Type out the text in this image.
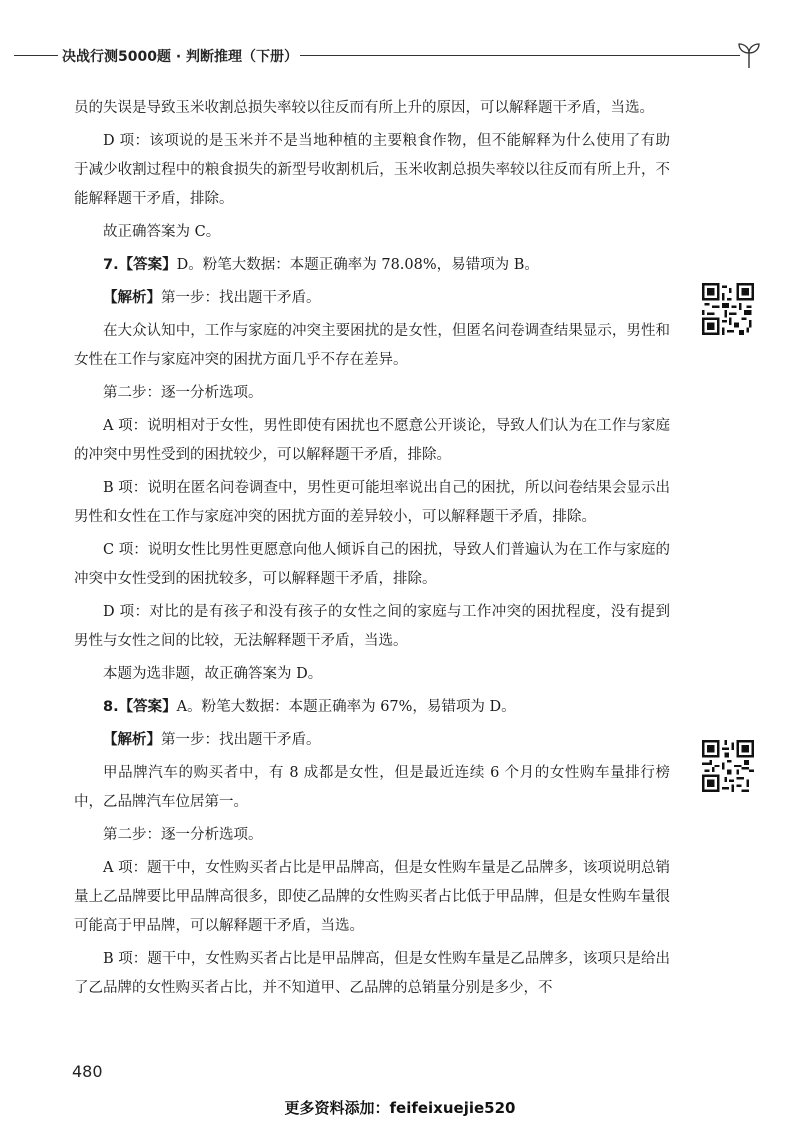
决战行测5000题 · 判断推理（下册）

员的失误是导致玉米收割总损失率较以往反而有所上升的原因，可以解释题干矛盾，当选。

D 项：该项说的是玉米并不是当地种植的主要粮食作物，但不能解释为什么使用了有助于减少收割过程中的粮食损失的新型号收割机后，玉米收割总损失率较以往反而有所上升，不能解释题干矛盾，排除。

故正确答案为 C。

7.【答案】D。粉笔大数据：本题正确率为 78.08%，易错项为 B。

【解析】第一步：找出题干矛盾。

在大众认知中，工作与家庭的冲突主要困扰的是女性，但匿名问卷调查结果显示，男性和女性在工作与家庭冲突的困扰方面几乎不存在差异。

第二步：逐一分析选项。

A 项：说明相对于女性，男性即使有困扰也不愿意公开谈论，导致人们认为在工作与家庭的冲突中男性受到的困扰较少，可以解释题干矛盾，排除。

B 项：说明在匿名问卷调查中，男性更可能坦率说出自己的困扰，所以问卷结果会显示出男性和女性在工作与家庭冲突的困扰方面的差异较小，可以解释题干矛盾，排除。

C 项：说明女性比男性更愿意向他人倾诉自己的困扰，导致人们普遍认为在工作与家庭的冲突中女性受到的困扰较多，可以解释题干矛盾，排除。

D 项：对比的是有孩子和没有孩子的女性之间的家庭与工作冲突的困扰程度，没有提到男性与女性之间的比较，无法解释题干矛盾，当选。

本题为选非题，故正确答案为 D。

8.【答案】A。粉笔大数据：本题正确率为 67%，易错项为 D。

【解析】第一步：找出题干矛盾。

甲品牌汽车的购买者中，有 8 成都是女性，但是最近连续 6 个月的女性购车量排行榜中，乙品牌汽车位居第一。

第二步：逐一分析选项。

A 项：题干中，女性购买者占比是甲品牌高，但是女性购车量是乙品牌多，该项说明总销量上乙品牌要比甲品牌高很多，即使乙品牌的女性购买者占比低于甲品牌，但是女性购车量很可能高于甲品牌，可以解释题干矛盾，当选。

B 项：题干中，女性购买者占比是甲品牌高，但是女性购车量是乙品牌多，该项只是给出了乙品牌的女性购买者占比，并不知道甲、乙品牌的总销量分别是多少，不

480
更多资料添加：feifeixuejie520
